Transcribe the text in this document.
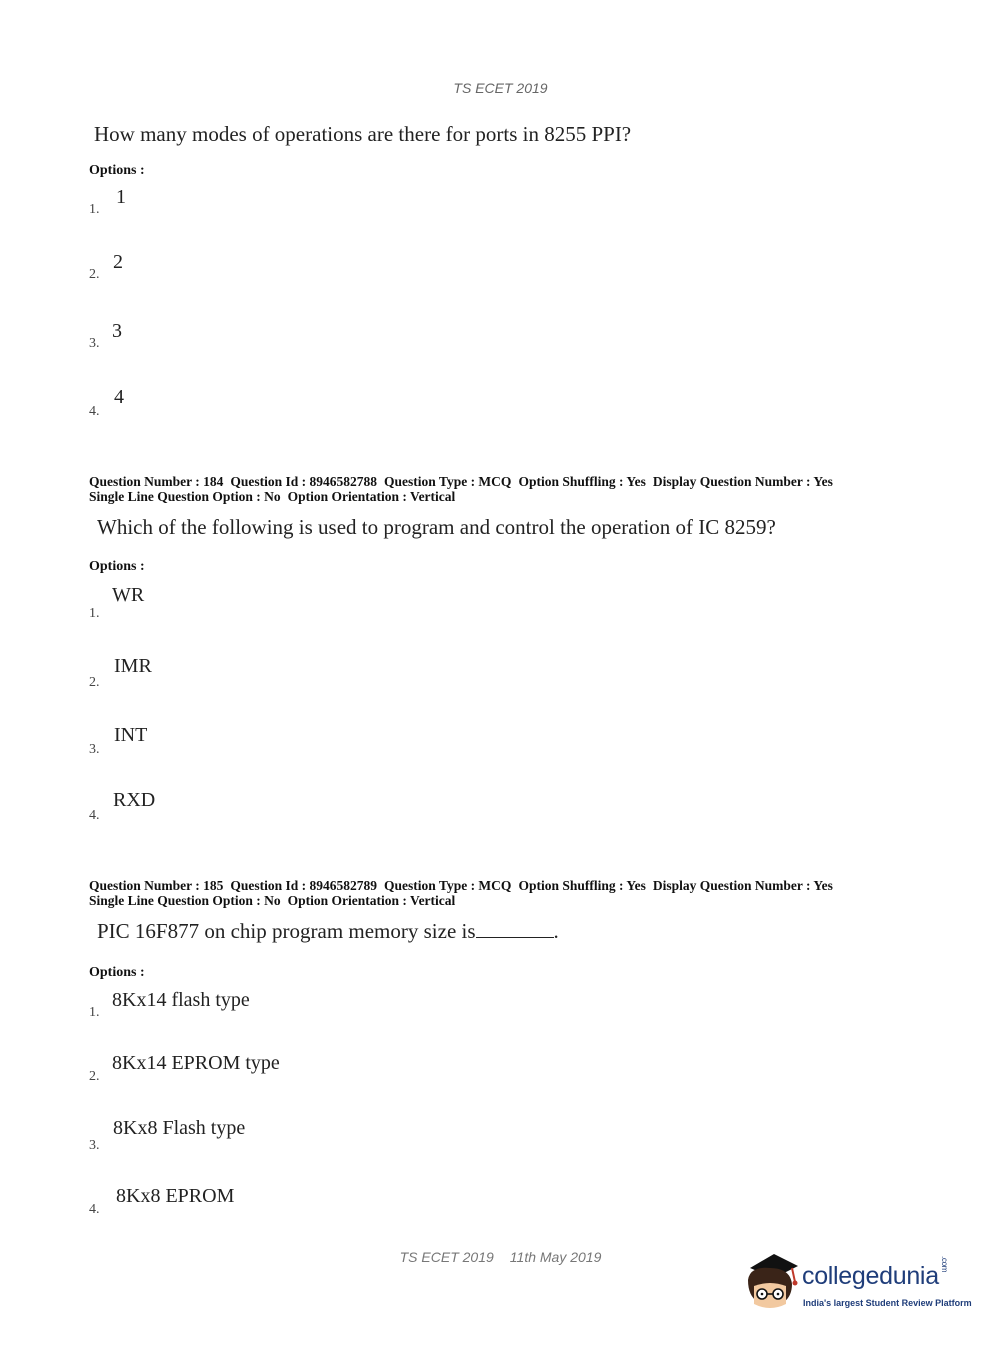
TS ECET 2019
How many modes of operations are there for ports in 8255 PPI?
Options :
1.
1
2.
2
3.
3
4.
4
Question Number : 184 Question Id : 8946582788 Question Type : MCQ Option Shuffling : Yes Display Question Number : Yes
Single Line Question Option : No Option Orientation : Vertical
Which of the following is used to program and control the operation of IC 8259?
Options :
1.
WR
2.
IMR
3.
INT
4.
RXD
Question Number : 185 Question Id : 8946582789 Question Type : MCQ Option Shuffling : Yes Display Question Number : Yes
Single Line Question Option : No Option Orientation : Vertical
PIC 16F877 on chip program memory size is	.
Options :
1.
8Kx14 flash type
2.
8Kx14 EPROM type
3.
8Kx8 Flash type
4.
8Kx8 EPROM
TS ECET 2019 11th May 2019
collegedunia.com
India's largest Student Review Platform
